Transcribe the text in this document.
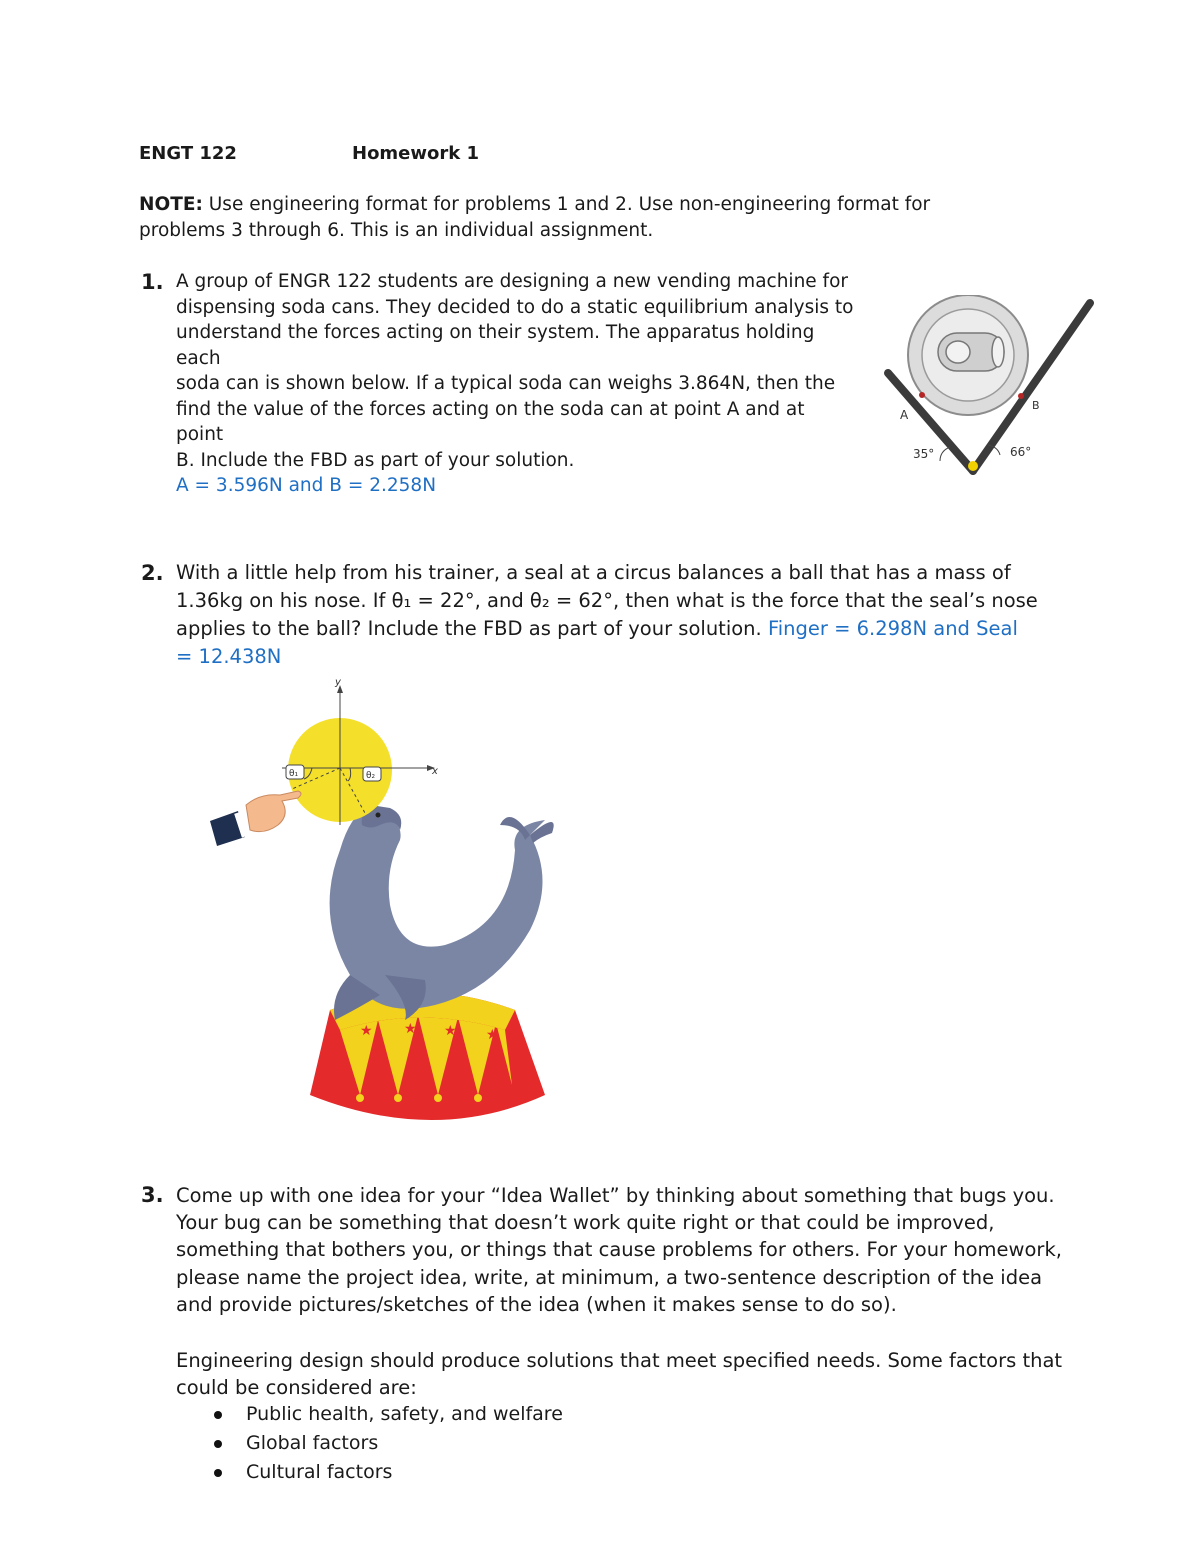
ENGT 122	Homework 1
NOTE: Use engineering format for problems 1 and 2. Use non-engineering format for problems 3 through 6. This is an individual assignment.
1. A group of ENGR 122 students are designing a new vending machine for
dispensing soda cans. They decided to do a static equilibrium analysis to
understand the forces acting on their system. The apparatus holding each
soda can is shown below. If a typical soda can weighs 3.864N, then the
find the value of the forces acting on the soda can at point A and at point
B. Include the FBD as part of your solution.
A = 3.596N and B = 2.258N
A
B
35°	66°
2. With a little help from his trainer, a seal at a circus balances a ball that has a mass of
1.36kg on his nose. If θ₁ = 22°, and θ₂ = 62°, then what is the force that the seal’s nose
applies to the ball? Include the FBD as part of your solution. Finger = 6.298N and Seal
= 12.438N
★ ★ ★ ★
y
x
θ₁	θ₂
3. Come up with one idea for your “Idea Wallet” by thinking about something that bugs you.
Your bug can be something that doesn’t work quite right or that could be improved,
something that bothers you, or things that cause problems for others. For your homework,
please name the project idea, write, at minimum, a two-sentence description of the idea
and provide pictures/sketches of the idea (when it makes sense to do so).
Engineering design should produce solutions that meet specified needs. Some factors that
could be considered are:
Public health, safety, and welfare
Global factors
Cultural factors
